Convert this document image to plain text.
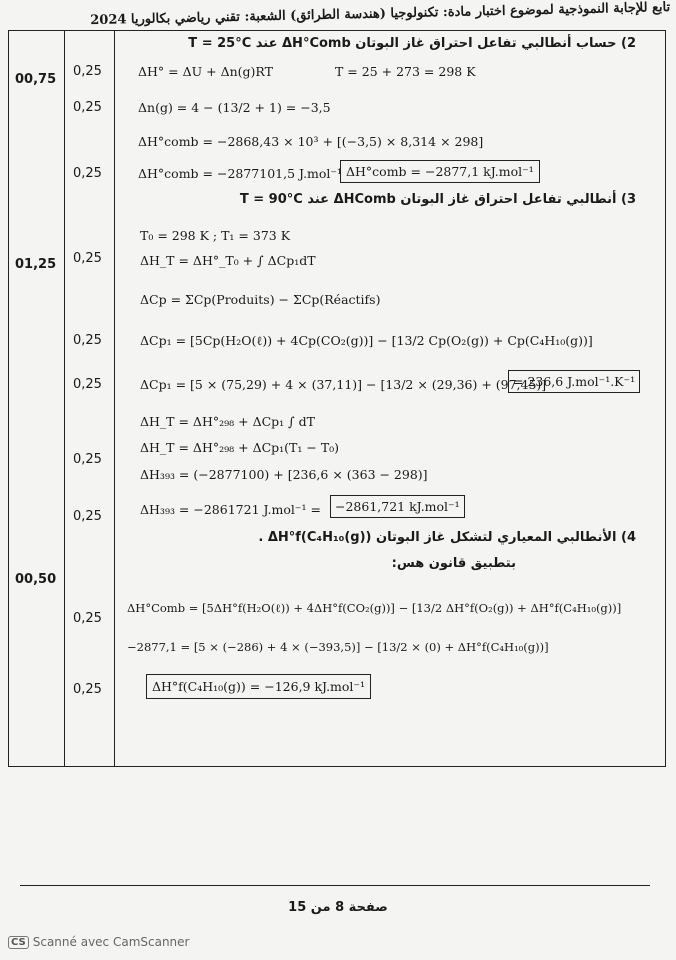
تابع للإجابة النموذجية لموضوع اختبار مادة: تكنولوجيا (هندسة الطرائق) الشعبة: تقني رياضي بكالوريا 2024
00,75
01,25
00,50
0,25
0,25
0,25
0,25
0,25
0,25
0,25
0,25
0,25
0,25
2) حساب أنطالبي تفاعل احتراق غاز البوتان ΔH°Comb عند T = 25°C
ΔH° = ΔU + Δn(g)RT	T = 25 + 273 = 298 K
Δn(g) = 4 − (13/2 + 1) = −3,5
ΔH°comb = −2868,43 × 10³ + [(−3,5) × 8,314 × 298]
ΔH°comb = −2877101,5 J.mol⁻¹ ΔH°comb = −2877,1 kJ.mol⁻¹
3) أنطالبي تفاعل احتراق غاز البوتان ΔHComb عند T = 90°C
T₀ = 298 K ; T₁ = 373 K
ΔH_T = ΔH°_T₀ + ∫ ΔCp₁dT
ΔCp = ΣCp(Produits) − ΣCp(Réactifs)
ΔCp₁ = [5Cp(H₂O(ℓ)) + 4Cp(CO₂(g))] − [13/2 Cp(O₂(g)) + Cp(C₄H₁₀(g))]
ΔCp₁ = [5 × (75,29) + 4 × (37,11)] − [13/2 × (29,36) + (97,45)]
= 236,6 J.mol⁻¹.K⁻¹
ΔH_T = ΔH°₂₉₈ + ΔCp₁ ∫ dT
ΔH_T = ΔH°₂₉₈ + ΔCp₁(T₁ − T₀)
ΔH₃₉₃ = (−2877100) + [236,6 × (363 − 298)]
ΔH₃₉₃ = −2861721 J.mol⁻¹ =	−2861,721 kJ.mol⁻¹
4) الأنطالبي المعياري لتشكل غاز البوتان ΔH°f(C₄H₁₀(g)) .
بتطبيق قانون هس:
ΔH°Comb = [5ΔH°f(H₂O(ℓ)) + 4ΔH°f(CO₂(g))] − [13/2 ΔH°f(O₂(g)) + ΔH°f(C₄H₁₀(g))]
−2877,1 = [5 × (−286) + 4 × (−393,5)] − [13/2 × (0) + ΔH°f(C₄H₁₀(g))]
ΔH°f(C₄H₁₀(g)) = −126,9 kJ.mol⁻¹
صفحة 8 من 15
CS Scanné avec CamScanner
